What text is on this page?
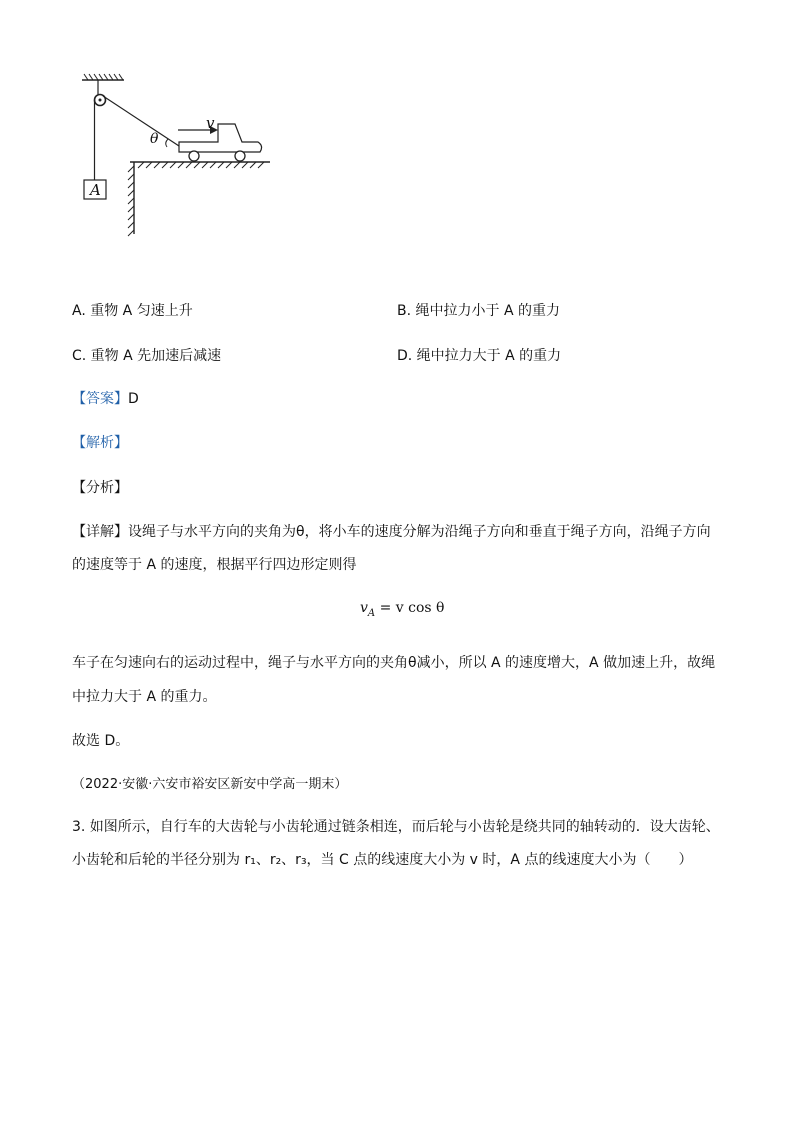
A
θ
v
A. 重物 A 匀速上升	B. 绳中拉力小于 A 的重力
C. 重物 A 先加速后减速	D. 绳中拉力大于 A 的重力
【答案】D
【解析】
【分析】
【详解】设绳子与水平方向的夹角为θ，将小车的速度分解为沿绳子方向和垂直于绳子方向，沿绳子方向
的速度等于 A 的速度，根据平行四边形定则得
$v_A = v$ cos θ
车子在匀速向右的运动过程中，绳子与水平方向的夹角θ减小，所以 A 的速度增大，A 做加速上升，故绳
中拉力大于 A 的重力。
故选 D。
（2022·安徽·六安市裕安区新安中学高一期末）
3. 如图所示，自行车的大齿轮与小齿轮通过链条相连，而后轮与小齿轮是绕共同的轴转动的．设大齿轮、
小齿轮和后轮的半径分别为 r₁、r₂、r₃，当 C 点的线速度大小为 v 时，A 点的线速度大小为（　　）
